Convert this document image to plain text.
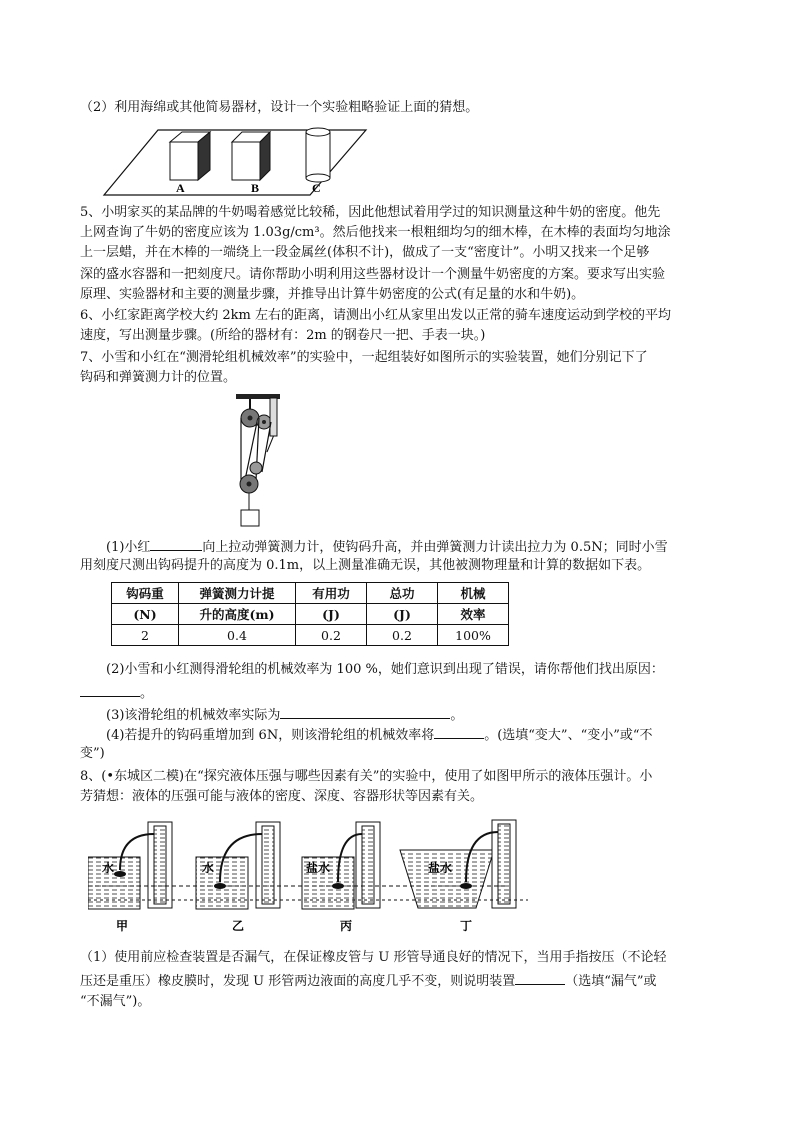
（2）利用海绵或其他简易器材，设计一个实验粗略验证上面的猜想。
A	B	C
5、小明家买的某品牌的牛奶喝着感觉比较稀，因此他想试着用学过的知识测量这种牛奶的密度。他先
上网查询了牛奶的密度应该为 1.03g/cm³。然后他找来一根粗细均匀的细木棒，在木棒的表面均匀地涂
上一层蜡，并在木棒的一端绕上一段金属丝(体积不计)，做成了一支“密度计”。小明又找来一个足够
深的盛水容器和一把刻度尺。请你帮助小明利用这些器材设计一个测量牛奶密度的方案。要求写出实验
原理、实验器材和主要的测量步骤，并推导出计算牛奶密度的公式(有足量的水和牛奶)。
6、小红家距离学校大约 2km 左右的距离，请测出小红从家里出发以正常的骑车速度运动到学校的平均
速度，写出测量步骤。(所给的器材有：2m 的钢卷尺一把、手表一块。)
7、小雪和小红在“测滑轮组机械效率”的实验中，一起组装好如图所示的实验装置，她们分别记下了
钩码和弹簧测力计的位置。
(1)小红	向上拉动弹簧测力计，使钩码升高，并由弹簧测力计读出拉力为 0.5N；同时小雪
用刻度尺测出钩码提升的高度为 0.1m，以上测量准确无误，其他被测物理量和计算的数据如下表。
钩码重	弹簧测力计提	有用功	总功	机械
(N)	升的高度(m)	(J)	(J)	效率
2	0.4	0.2	0.2	100%
(2)小雪和小红测得滑轮组的机械效率为 100 %，她们意识到出现了错误，请你帮他们找出原因：
。
(3)该滑轮组的机械效率实际为	。
(4)若提升的钩码重增加到 6N，则该滑轮组的机械效率将	。(选填“变大”、“变小”或“不
变”)
8、(•东城区二模)在“探究液体压强与哪些因素有关”的实验中，使用了如图甲所示的液体压强计。小
芳猜想：液体的压强可能与液体的密度、深度、容器形状等因素有关。
水	水	盐水	盐水
甲	乙	丙	丁
（1）使用前应检查装置是否漏气，在保证橡皮管与 U 形管导通良好的情况下，当用手指按压（不论轻
压还是重压）橡皮膜时，发现 U 形管两边液面的高度几乎不变，则说明装置	（选填“漏气”或
“不漏气”)。
